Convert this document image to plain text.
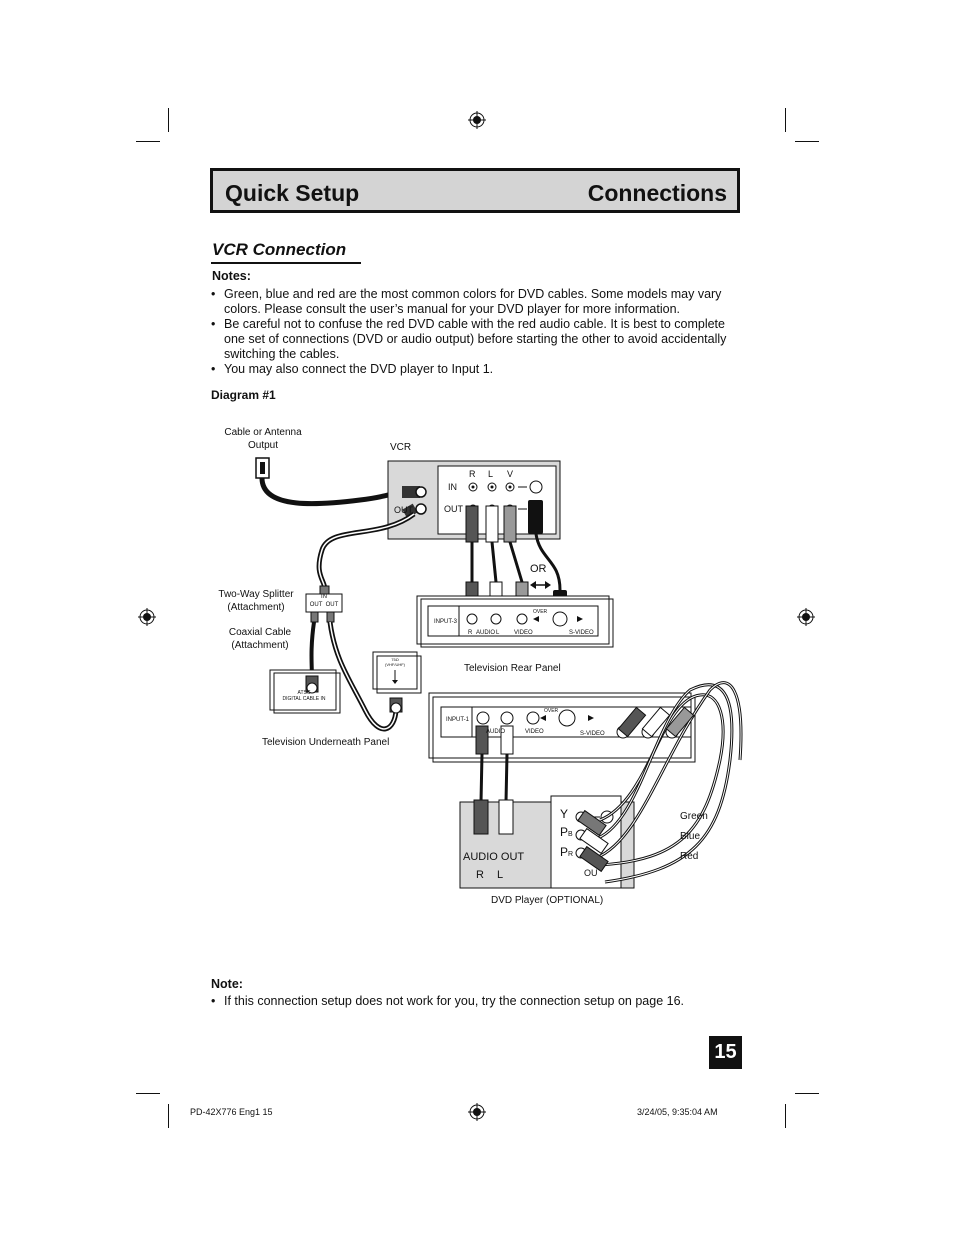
Quick Setup	Connections
VCR Connection
Notes:
• Green, blue and red are the most common colors for DVD cables. Some models may vary colors. Please consult the user’s manual for your DVD player for more information.
• Be careful not to confuse the red DVD cable with the red audio cable. It is best to complete one set of connections (DVD or audio output) before starting the other to avoid accidentally switching the cables.
• You may also connect the DVD player to Input 1.
Diagram #1
Cable or Antenna
Output	VCR
R L V
IN
OUT
OUT
OR
Two-Way Splitter
(Attachment)
IN
OUT  OUT
Coaxial Cable
(Attachment)
INPUT-3
R AUDIO L VIDEO	S-VIDEO
OVER
Television Rear Panel
ATSC
DIGITAL CABLE IN
75Ω
(VHF/UHF)
Television Underneath Panel
INPUT-1
AUDIO	VIDEO	S-VIDEO
OVER
Y
PB
PR
OU
AUDIO OUT
R L
Green
Blue
Red
DVD Player (OPTIONAL)
Note:
• If this connection setup does not work for you, try the connection setup on page 16.
15
PD-42X776 Eng1 15	3/24/05, 9:35:04 AM
